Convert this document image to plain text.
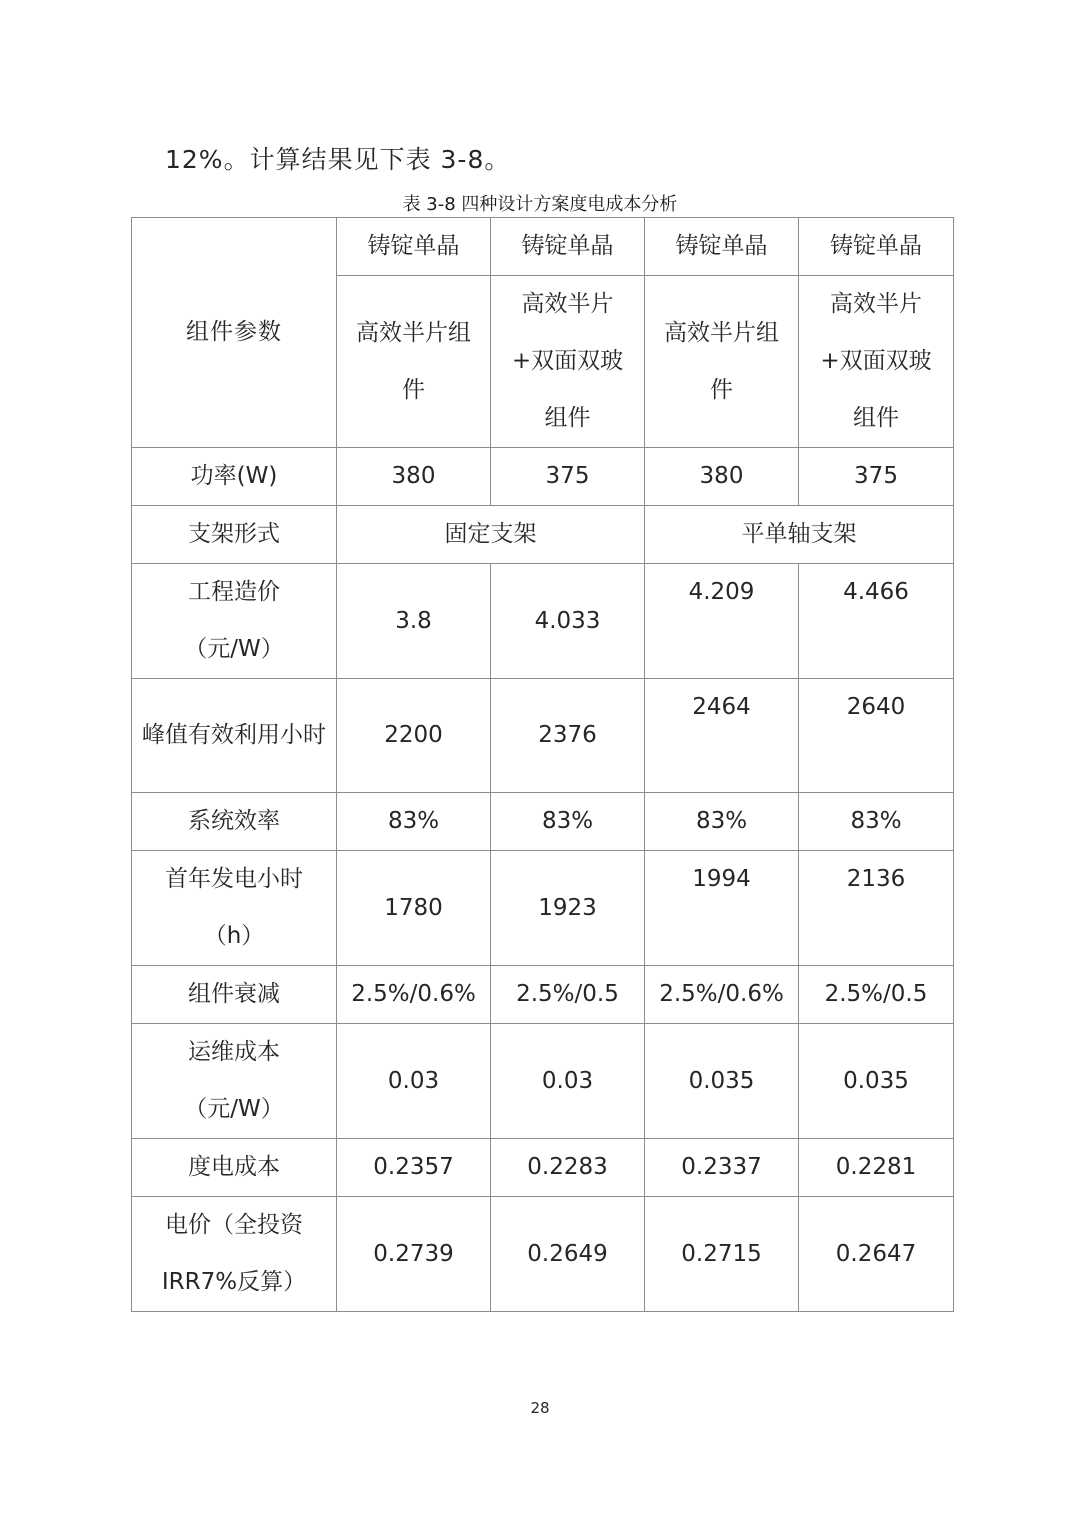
12%。计算结果见下表 3-8。
表 3-8 四种设计方案度电成本分析
组件参数	铸锭单晶	铸锭单晶	铸锭单晶	铸锭单晶
	高效半片组件	高效半片+双面双玻组件	高效半片组件	高效半片+双面双玻组件
功率(W)	380	375	380	375
支架形式	固定支架		平单轴支架	
工程造价（元/W）	3.8	4.033	4.209	4.466
峰值有效利用小时	2200	2376	2464	2640
系统效率	83%	83%	83%	83%
首年发电小时（h）	1780	1923	1994	2136
组件衰减	2.5%/0.6%	2.5%/0.5	2.5%/0.6%	2.5%/0.5
运维成本（元/W）	0.03	0.03	0.035	0.035
度电成本	0.2357	0.2283	0.2337	0.2281
电价（全投资IRR7%反算）	0.2739	0.2649	0.2715	0.2647
28
